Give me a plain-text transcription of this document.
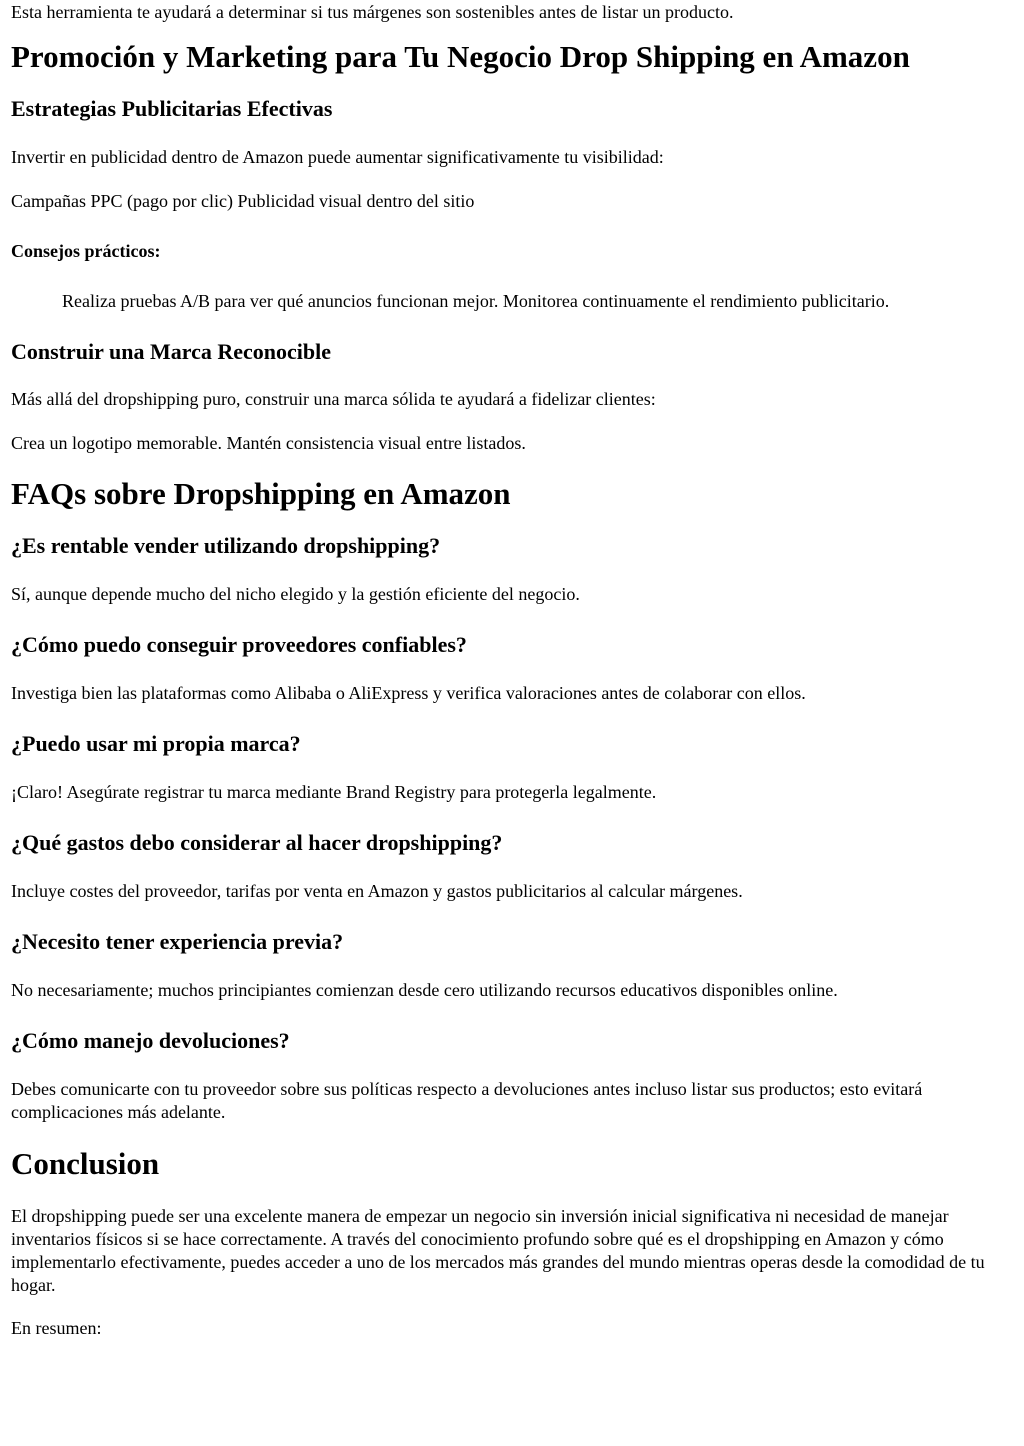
Esta herramienta te ayudará a determinar si tus márgenes son sostenibles antes de listar un producto.

Promoción y Marketing para Tu Negocio Drop Shipping en Amazon
Estrategias Publicitarias Efectivas

Invertir en publicidad dentro de Amazon puede aumentar significativamente tu visibilidad:

Campañas PPC (pago por clic) Publicidad visual dentro del sitio

Consejos prácticos:
Realiza pruebas A/B para ver qué anuncios funcionan mejor. Monitorea continuamente el rendimiento publicitario.
Construir una Marca Reconocible

Más allá del dropshipping puro, construir una marca sólida te ayudará a fidelizar clientes:

Crea un logotipo memorable. Mantén consistencia visual entre listados.

FAQs sobre Dropshipping en Amazon
¿Es rentable vender utilizando dropshipping?

Sí, aunque depende mucho del nicho elegido y la gestión eficiente del negocio.

¿Cómo puedo conseguir proveedores confiables?

Investiga bien las plataformas como Alibaba o AliExpress y verifica valoraciones antes de colaborar con ellos.

¿Puedo usar mi propia marca?

¡Claro! Asegúrate registrar tu marca mediante Brand Registry para protegerla legalmente.

¿Qué gastos debo considerar al hacer dropshipping?

Incluye costes del proveedor, tarifas por venta en Amazon y gastos publicitarios al calcular márgenes.

¿Necesito tener experiencia previa?

No necesariamente; muchos principiantes comienzan desde cero utilizando recursos educativos disponibles online.

¿Cómo manejo devoluciones?

Debes comunicarte con tu proveedor sobre sus políticas respecto a devoluciones antes incluso listar sus productos; esto evitará complicaciones más adelante.

Conclusion

El dropshipping puede ser una excelente manera de empezar un negocio sin inversión inicial significativa ni necesidad de manejar inventarios físicos si se hace correctamente. A través del conocimiento profundo sobre qué es el dropshipping en Amazon y cómo implementarlo efectivamente, puedes acceder a uno de los mercados más grandes del mundo mientras operas desde la comodidad de tu hogar.

En resumen:
